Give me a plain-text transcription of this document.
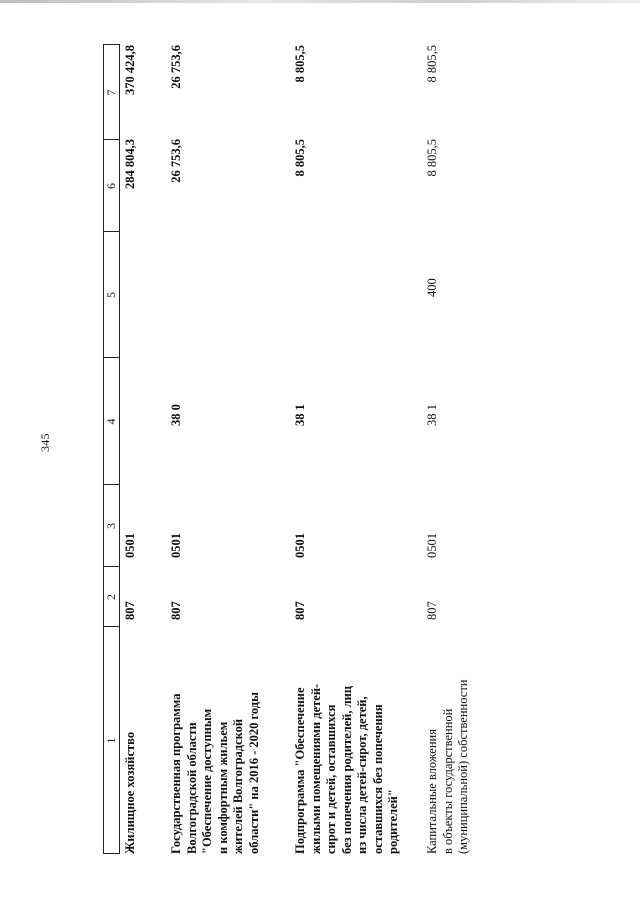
345
1
2
3
4
5
6
7
Жилищное хозяйство
807
0501
284 804,3
370 424,8
Государственная программа Волгоградской области "Обеспечение доступным и комфортным жильем жителей Волгоградской области" на 2016 - 2020 годы
807
0501
38 0
26 753,6
26 753,6
Подпрограмма "Обеспечение жилыми помещениями детей- сирот и детей, оставшихся без попечения родителей, лиц из числа детей-сирот, детей, оставшихся без попечения родителей"
807
0501
38 1
8 805,5
8 805,5
Капитальные вложения в объекты государственной (муниципальной) собственности
807
0501
38 1
400
8 805,5
8 805,5
